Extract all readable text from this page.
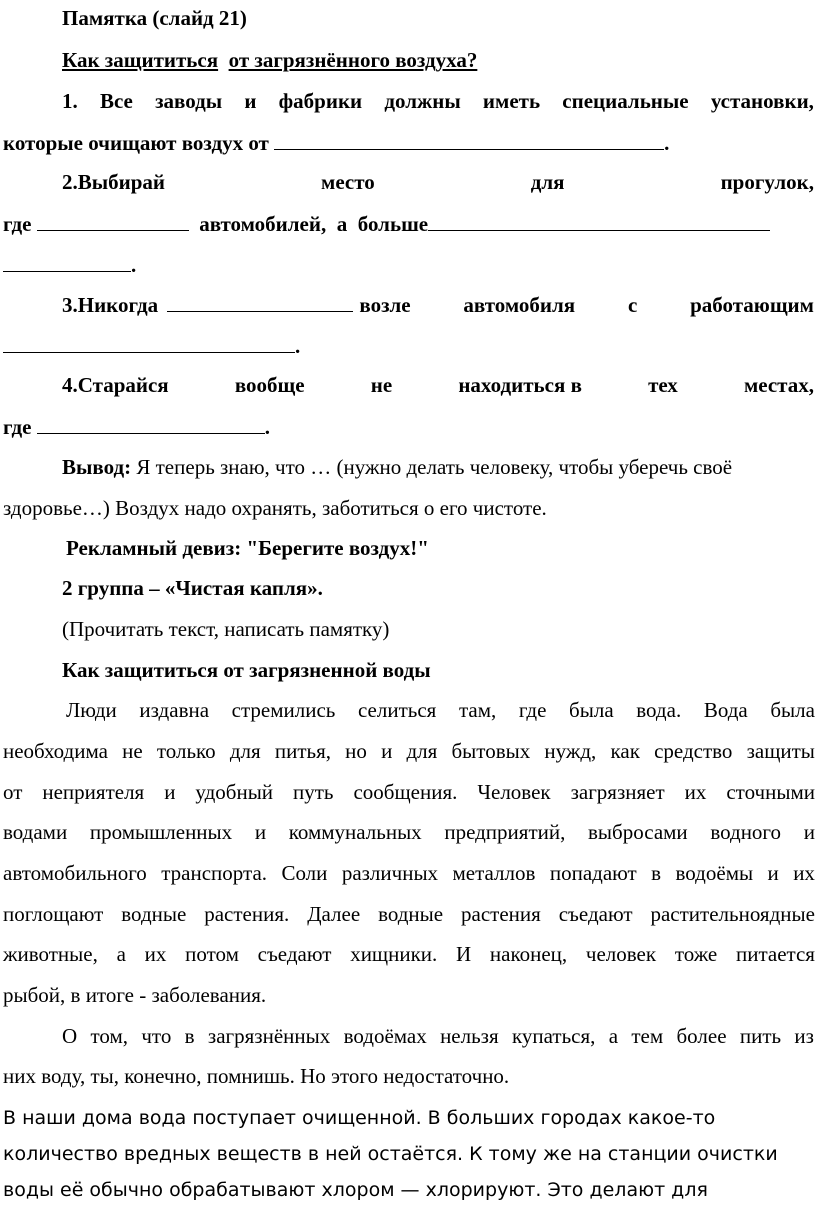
Памятка (слайд 21)
Как защититься от загрязнённого воздуха?
1. Все заводы и фабрики должны иметь специальные установки,
которые очищают воздух от	.
2.Выбирай	место	для	прогулок,
где	автомобилей, а больше
.
3.Никогда
	возле	автомобиля	с	работающим
.
4.Старайся	вообще	не	находиться в	тех	местах,
где	.
Вывод: Я теперь знаю, что … (нужно делать человеку, чтобы уберечь своё
здоровье…) Воздух надо охранять, заботиться о его чистоте.
Рекламный девиз: "Берегите воздух!"
2 группа – «Чистая капля».
(Прочитать текст, написать памятку)
Как защититься от загрязненной воды
Люди издавна стремились селиться там, где была вода. Вода была
необходима не только для питья, но и для бытовых нужд, как средство защиты
от неприятеля и удобный путь сообщения. Человек загрязняет их сточными
водами промышленных и коммунальных предприятий, выбросами водного и
автомобильного транспорта. Соли различных металлов попадают в водоёмы и их
поглощают водные растения. Далее водные растения съедают растительноядные
животные, а их потом съедают хищники. И наконец, человек тоже питается
рыбой, в итоге - заболевания.
О том, что в загрязнённых водоёмах нельзя купаться, а тем более пить из
них воду, ты, конечно, помнишь. Но этого недостаточно.
В наши дома вода поступает очищенной. В больших городах какое-то
количество вредных веществ в ней остаётся. К тому же на станции очистки
воды её обычно обрабатывают хлором — хлорируют. Это делают для
